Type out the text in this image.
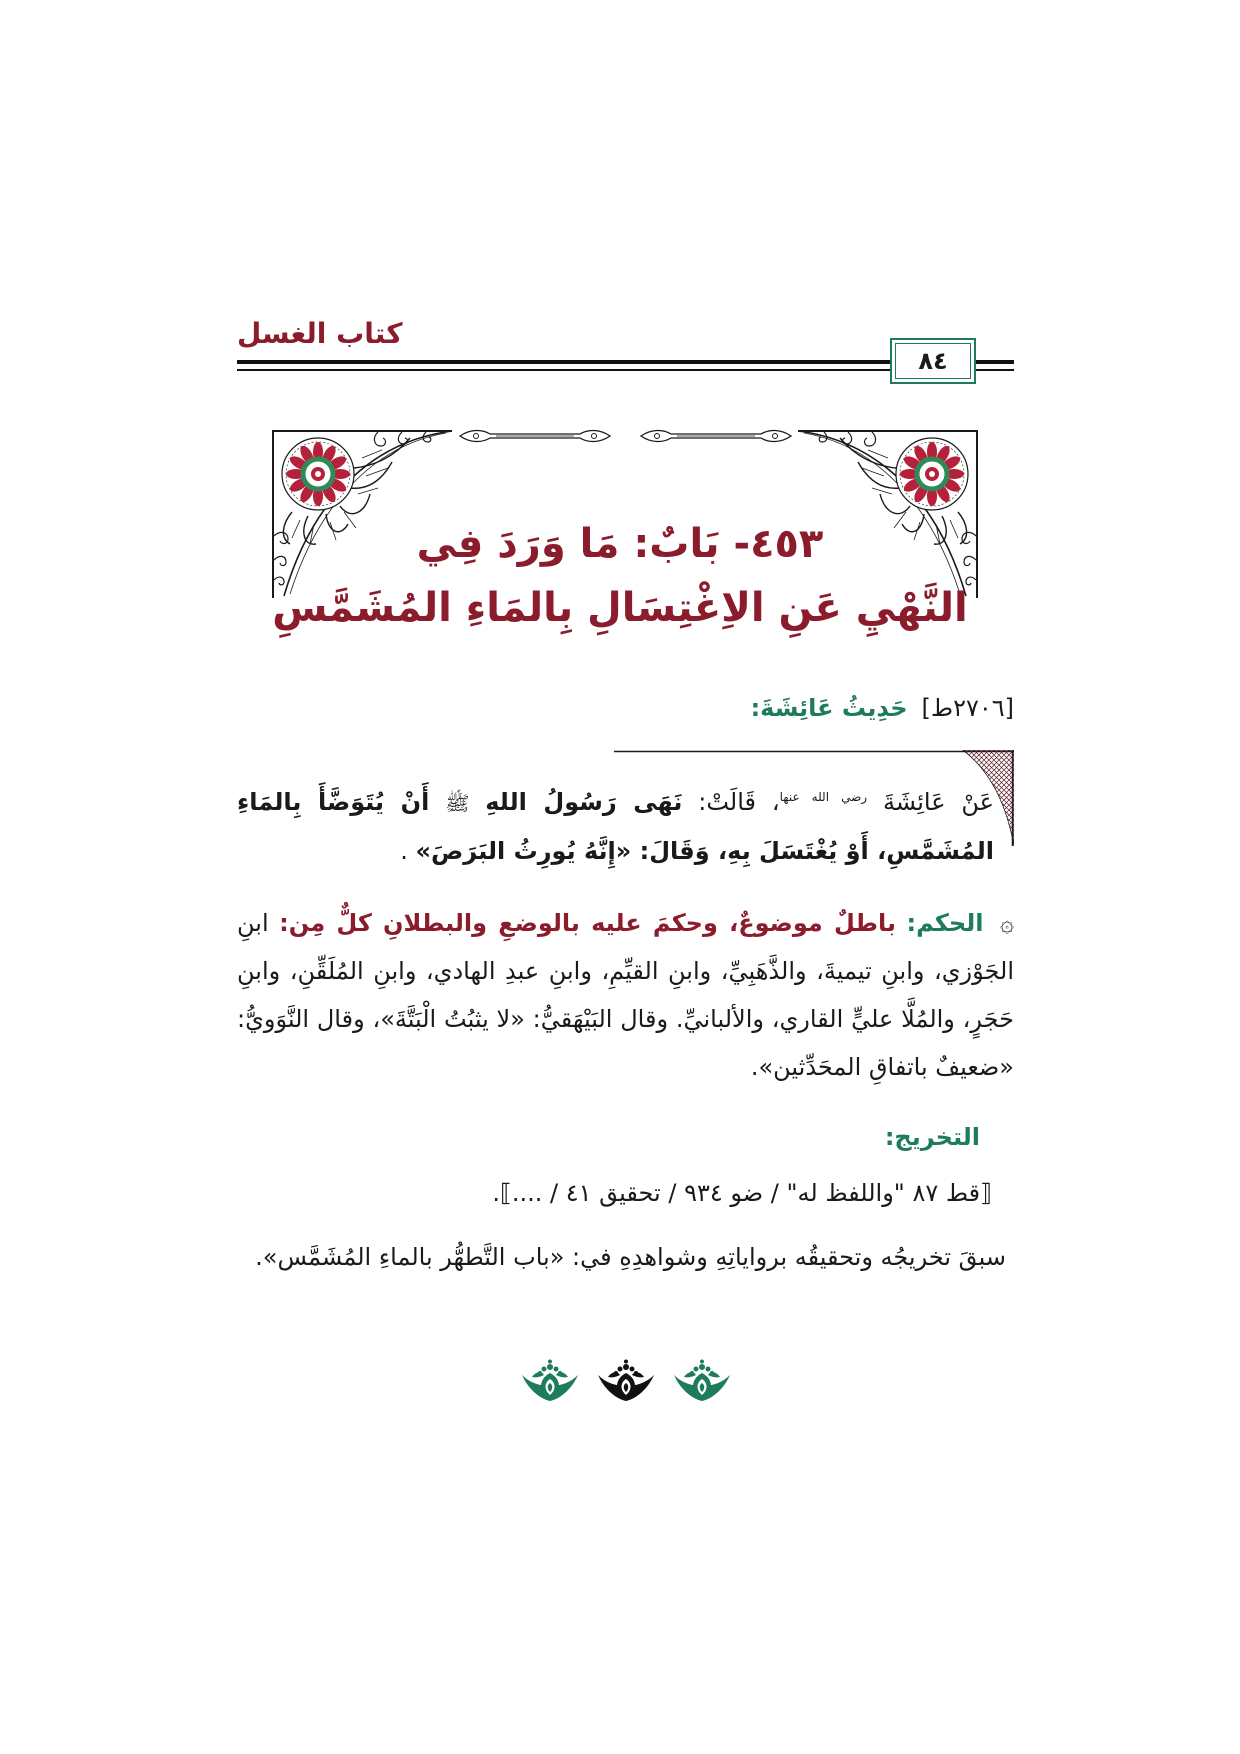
كتاب الغسل
٨٤
٤٥٣- بَابٌ: مَا وَرَدَ فِي
النَّهْيِ عَنِ الاِغْتِسَالِ بِالمَاءِ المُشَمَّسِ
[٢٧٠٦ط]حَدِيثُ عَائِشَةَ:

عَنْ عَائِشَةَ $^{رضي الله عنها}$، قَالَتْ: نَهَى رَسُولُ اللهِ ﷺ أَنْ يُتَوَضَّأَ بِالمَاءِ المُشَمَّسِ، أَوْ يُغْتَسَلَ بِهِ، وَقَالَ: «إِنَّهُ يُورِثُ البَرَصَ» .

۞ الحكم: باطلٌ موضوعٌ، وحكمَ عليه بالوضعِ والبطلانِ كلٌّ مِن: ابنِ الجَوْزي، وابنِ تيميةَ، والذَّهَبِيِّ، وابنِ القيِّمِ، وابنِ عبدِ الهادي، وابنِ المُلَقِّنِ، وابنِ حَجَرٍ، والمُلَّا عليٍّ القاري، والألبانيِّ. وقال البَيْهَقيُّ: «لا يثبُتُ الْبَتَّةَ»، وقال النَّوَويُّ: «ضعيفٌ باتفاقِ المحَدِّثين».

التخريج:
⟦قط ٨٧ "واللفظ له" / ضو ٩٣٤ / تحقيق ٤١ / ....⟧.
سبقَ تخريجُه وتحقيقُه برواياتِهِ وشواهدِهِ في: «باب التَّطهُّر بالماءِ المُشَمَّس».
